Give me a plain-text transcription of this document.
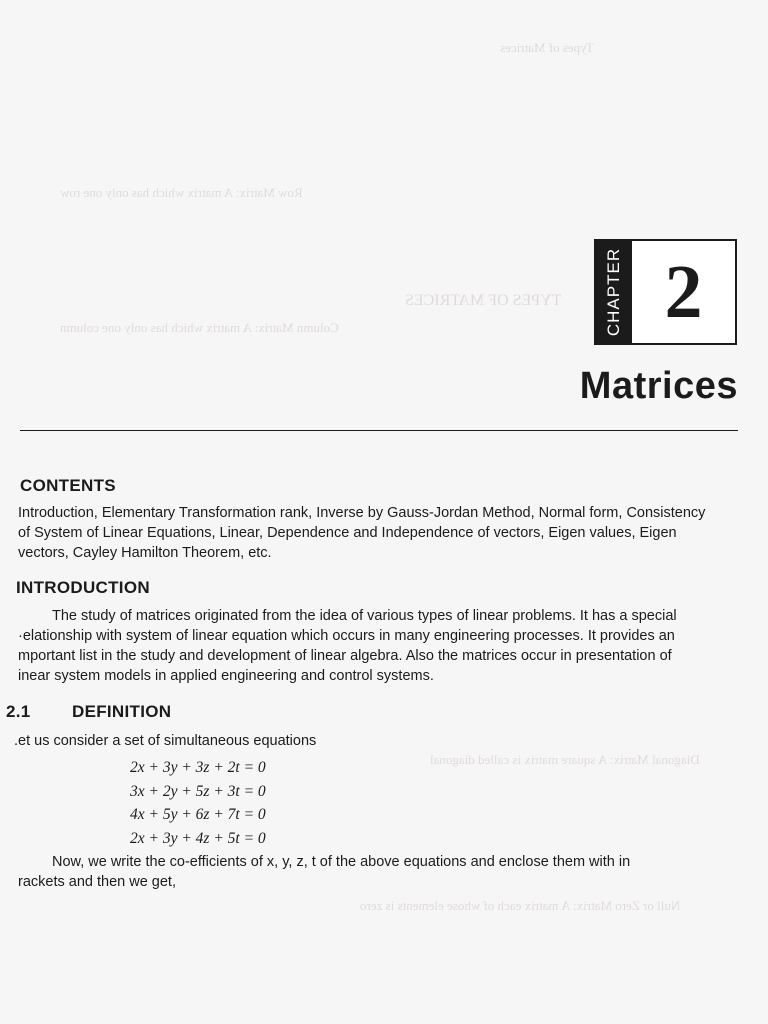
Types of Matrices
Row Matrix: A matrix which has only one row
TYPES OF MATRICES
Column Matrix: A matrix which has only one column
Diagonal Matrix: A square matrix is called diagonal
Null or Zero Matrix: A matrix each of whose elements is zero
CHAPTER 2
Matrices
CONTENTS

Introduction, Elementary Transformation rank, Inverse by Gauss-Jordan Method, Normal form, Consistency

of System of Linear Equations, Linear, Dependence and Independence of vectors, Eigen values, Eigen

vectors, Cayley Hamilton Theorem, etc.

INTRODUCTION

The study of matrices originated from the idea of various types of linear problems. It has a special

·elationship with system of linear equation which occurs in many engineering processes. It provides an

mportant list in the study and development of linear algebra. Also the matrices occur in presentation of

inear system models in applied engineering and control systems.

2.1 DEFINITION
.et us consider a set of simultaneous equations
2x + 3y + 3z + 2t = 0
3x + 2y + 5z + 3t = 0
4x + 5y + 6z + 7t = 0
2x + 3y + 4z + 5t = 0

Now, we write the co-efficients of x, y, z, t of the above equations and enclose them with in

rackets and then we get,
